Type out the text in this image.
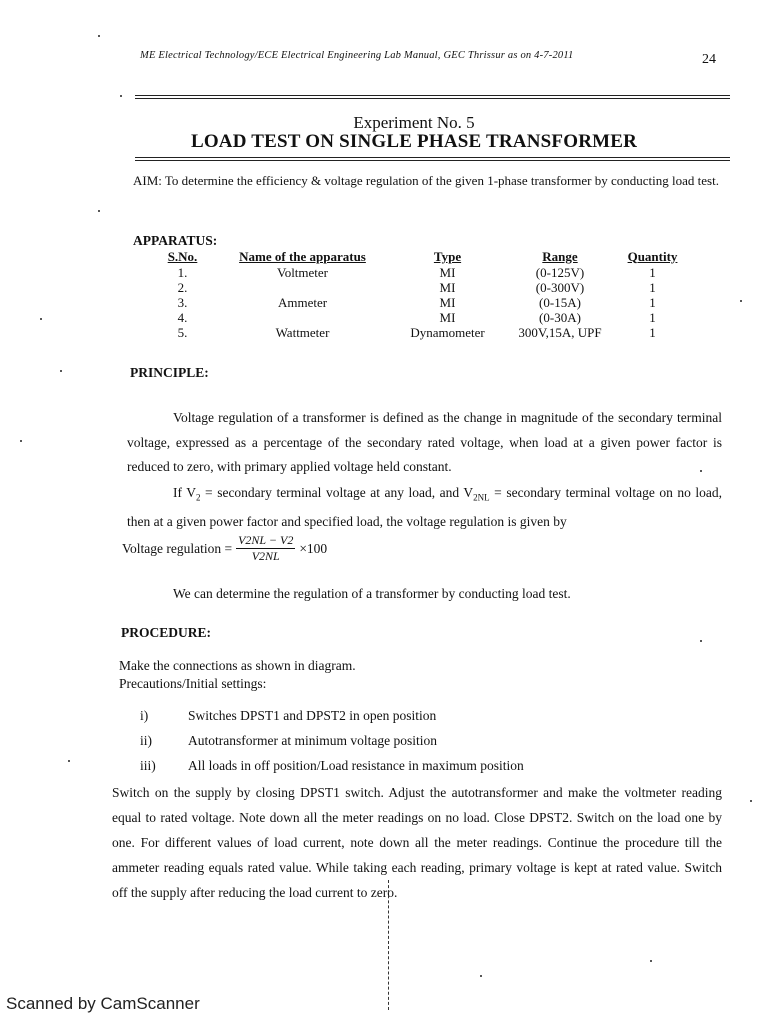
ME Electrical Technology/ECE Electrical Engineering Lab Manual, GEC Thrissur as on 4-7-2011	24
Experiment No. 5
LOAD TEST ON SINGLE PHASE TRANSFORMER
AIM: To determine the efficiency & voltage regulation of the given 1-phase transformer by conducting load test.
APPARATUS:
S.No.	Name of the apparatus	Type	Range	Quantity
1.	Voltmeter	MI	(0-125V)	1
2.		MI	(0-300V)	1
3.	Ammeter	MI	(0-15A)	1
4.		MI	(0-30A)	1
5.	Wattmeter	Dynamometer	300V,15A, UPF	1
PRINCIPLE:
Voltage regulation of a transformer is defined as the change in magnitude of the secondary terminal voltage, expressed as a percentage of the secondary rated voltage, when load at a given power factor is reduced to zero, with primary applied voltage held constant.
If $V_2$ = secondary terminal voltage at any load, and $V_{2NL}$ = secondary terminal voltage on no load, then at a given power factor and specified load, the voltage regulation is given by
Voltage regulation = $\frac{V2NL - V2}{V2NL} \times 100$
We can determine the regulation of a transformer by conducting load test.
PROCEDURE:
Make the connections as shown in diagram.
Precautions/Initial settings:
i)	Switches DPST1 and DPST2 in open position
ii)	Autotransformer at minimum voltage position
iii)	All loads in off position/Load resistance in maximum position
Switch on the supply by closing DPST1 switch. Adjust the autotransformer and make the voltmeter reading equal to rated voltage. Note down all the meter readings on no load. Close DPST2. Switch on the load one by one. For different values of load current, note down all the meter readings. Continue the procedure till the ammeter reading equals rated value. While taking each reading, primary voltage is kept at rated value. Switch off the supply after reducing the load current to zero.
Scanned by CamScanner
